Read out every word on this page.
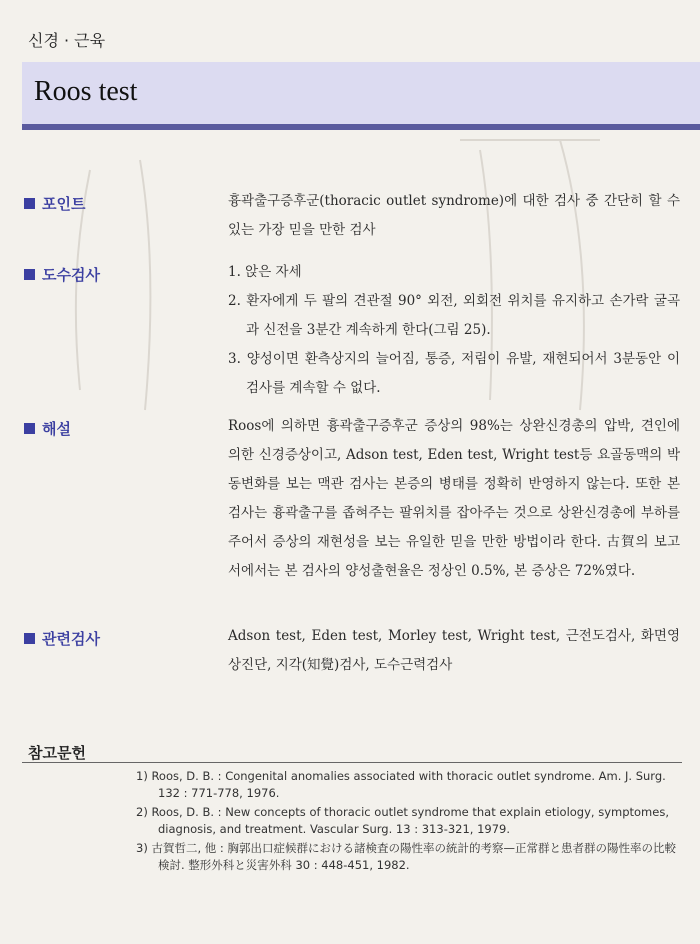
신경 · 근육
Roos test
포인트	흉곽출구증후군(thoracic outlet syndrome)에 대한 검사 중 간단히 할 수 있는 가장 믿을 만한 검사
도수검사	1. 앉은 자세
2. 환자에게 두 팔의 견관절 90° 외전, 외회전 위치를 유지하고 손가락 굴곡과 신전을 3분간 계속하게 한다(그림 25).
3. 양성이면 환측상지의 늘어짐, 통증, 저림이 유발, 재현되어서 3분동안 이 검사를 계속할 수 없다.
해설	Roos에 의하면 흉곽출구증후군 증상의 98%는 상완신경총의 압박, 견인에 의한 신경증상이고, Adson test, Eden test, Wright test등 요골동맥의 박동변화를 보는 맥관 검사는 본증의 병태를 정확히 반영하지 않는다. 또한 본 검사는 흉곽출구를 좁혀주는 팔위치를 잡아주는 것으로 상완신경총에 부하를 주어서 증상의 재현성을 보는 유일한 믿을 만한 방법이라 한다. 古賀의 보고서에서는 본 검사의 양성출현율은 정상인 0.5%, 본 증상은 72%였다.
관련검사	Adson test, Eden test, Morley test, Wright test, 근전도검사, 화면영상진단, 지각(知覺)검사, 도수근력검사
참고문헌
1) Roos, D. B. : Congenital anomalies associated with thoracic outlet syndrome. Am. J. Surg. 132 : 771-778, 1976.
2) Roos, D. B. : New concepts of thoracic outlet syndrome that explain etiology, symptomes, diagnosis, and treatment. Vascular Surg. 13 : 313-321, 1979.
3) 古賀哲二, 他 : 胸郭出口症候群における諸検査の陽性率の統計的考察—正常群と患者群の陽性率の比較検討. 整形外科と災害外科 30 : 448-451, 1982.
